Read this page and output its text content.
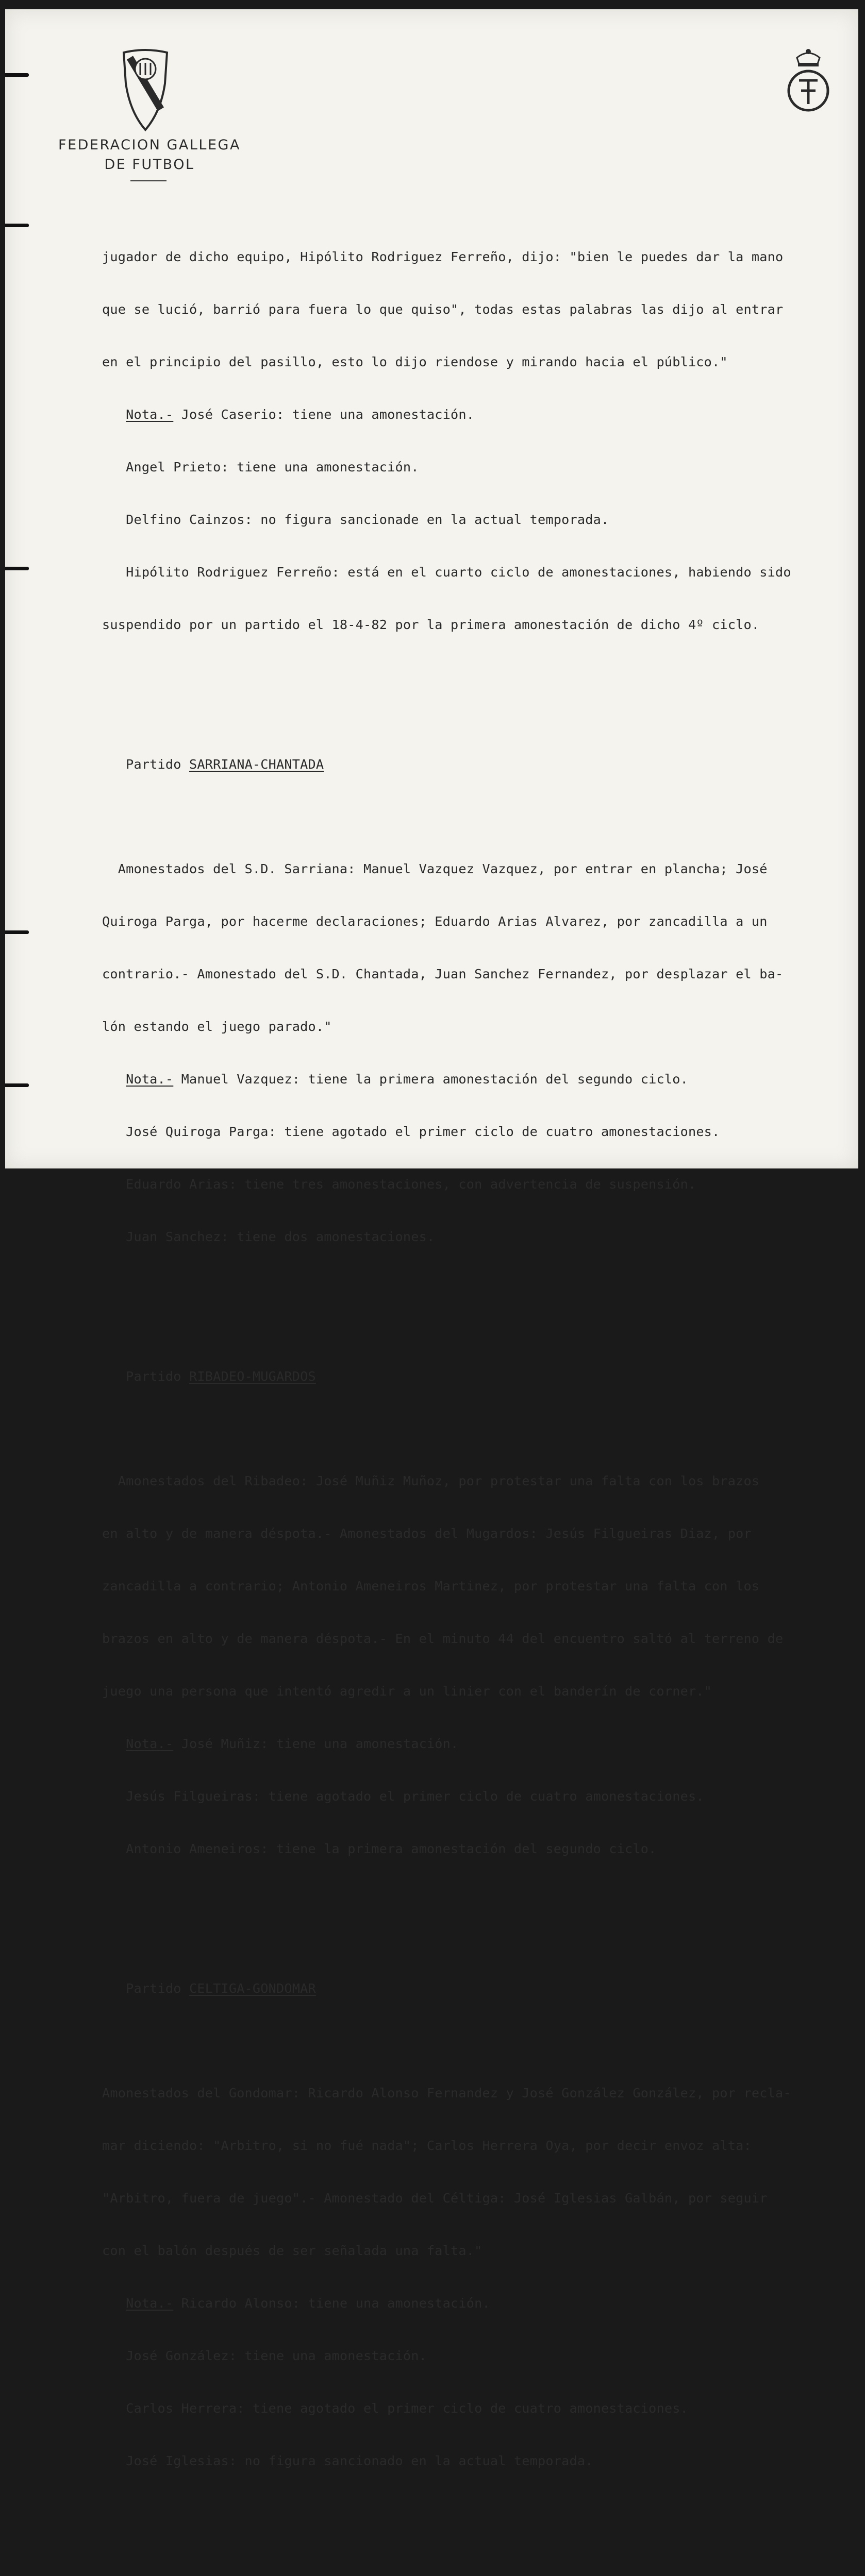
FEDERACION GALLEGA
DE FUTBOL

jugador de dicho equipo, Hipólito Rodriguez Ferreño, dijo: "bien le puedes dar la mano

que se lució, barrió para fuera lo que quiso", todas estas palabras las dijo al entrar

en el principio del pasillo, esto lo dijo riendose y mirando hacia el público."

Nota.- José Caserio: tiene una amonestación.

Angel Prieto: tiene una amonestación.

Delfino Cainzos: no figura sancionade en la actual temporada.

Hipólito Rodriguez Ferreño: está en el cuarto ciclo de amonestaciones, habiendo sido

suspendido por un partido el 18-4-82 por la primera amonestación de dicho 4º ciclo.

Partido SARRIANA-CHANTADA

Amonestados del S.D. Sarriana: Manuel Vazquez Vazquez, por entrar en plancha; José

Quiroga Parga, por hacerme declaraciones; Eduardo Arias Alvarez, por zancadilla a un

contrario.- Amonestado del S.D. Chantada, Juan Sanchez Fernandez, por desplazar el ba-

lón estando el juego parado."

Nota.- Manuel Vazquez: tiene la primera amonestación del segundo ciclo.

José Quiroga Parga: tiene agotado el primer ciclo de cuatro amonestaciones.

Eduardo Arias: tiene tres amonestaciones, con advertencia de suspensión.

Juan Sanchez: tiene dos amonestaciones.

Partido RIBADEO-MUGARDOS

Amonestados del Ribadeo: José Muñiz Muñoz, por protestar una falta con los brazos

en alto y de manera déspota.- Amonestados del Mugardos: Jesús Filgueiras Diaz, por

zancadilla a contrario; Antonio Ameneiros Martinez, por protestar una falta con los

brazos en alto y de manera déspota.- En el minuto 44 del encuentro saltó al terreno de

juego una persona que intentó agredir a un linier con el banderín de corner."

Nota.- José Muñiz: tiene una amonestación.

Jesús Filgueiras: tiene agotado el primer ciclo de cuatro amonestaciones.

Antonio Ameneiros: tiene la primera amonestación del segundo ciclo.

Partido CELTIGA-GONDOMAR

Amonestados del Gondomar: Ricardo Alonso Fernandez y José González González, por recla-

mar diciendo: "Arbitro, si no fué nada"; Carlos Herrera Oya, por decir envoz alta:

"Arbitro, fuera de juego".- Amonestado del Céltiga: José Iglesias Galbán, por seguir

con el balón después de ser señalada una falta."

Nota.- Ricardo Alonso: tiene una amonestación.

José González: tiene una amonestación.

Carlos Herrera: tiene agotado el primer ciclo de cuatro amonestaciones.

José Iglesias: no figura sancionado en la actual temporada.
